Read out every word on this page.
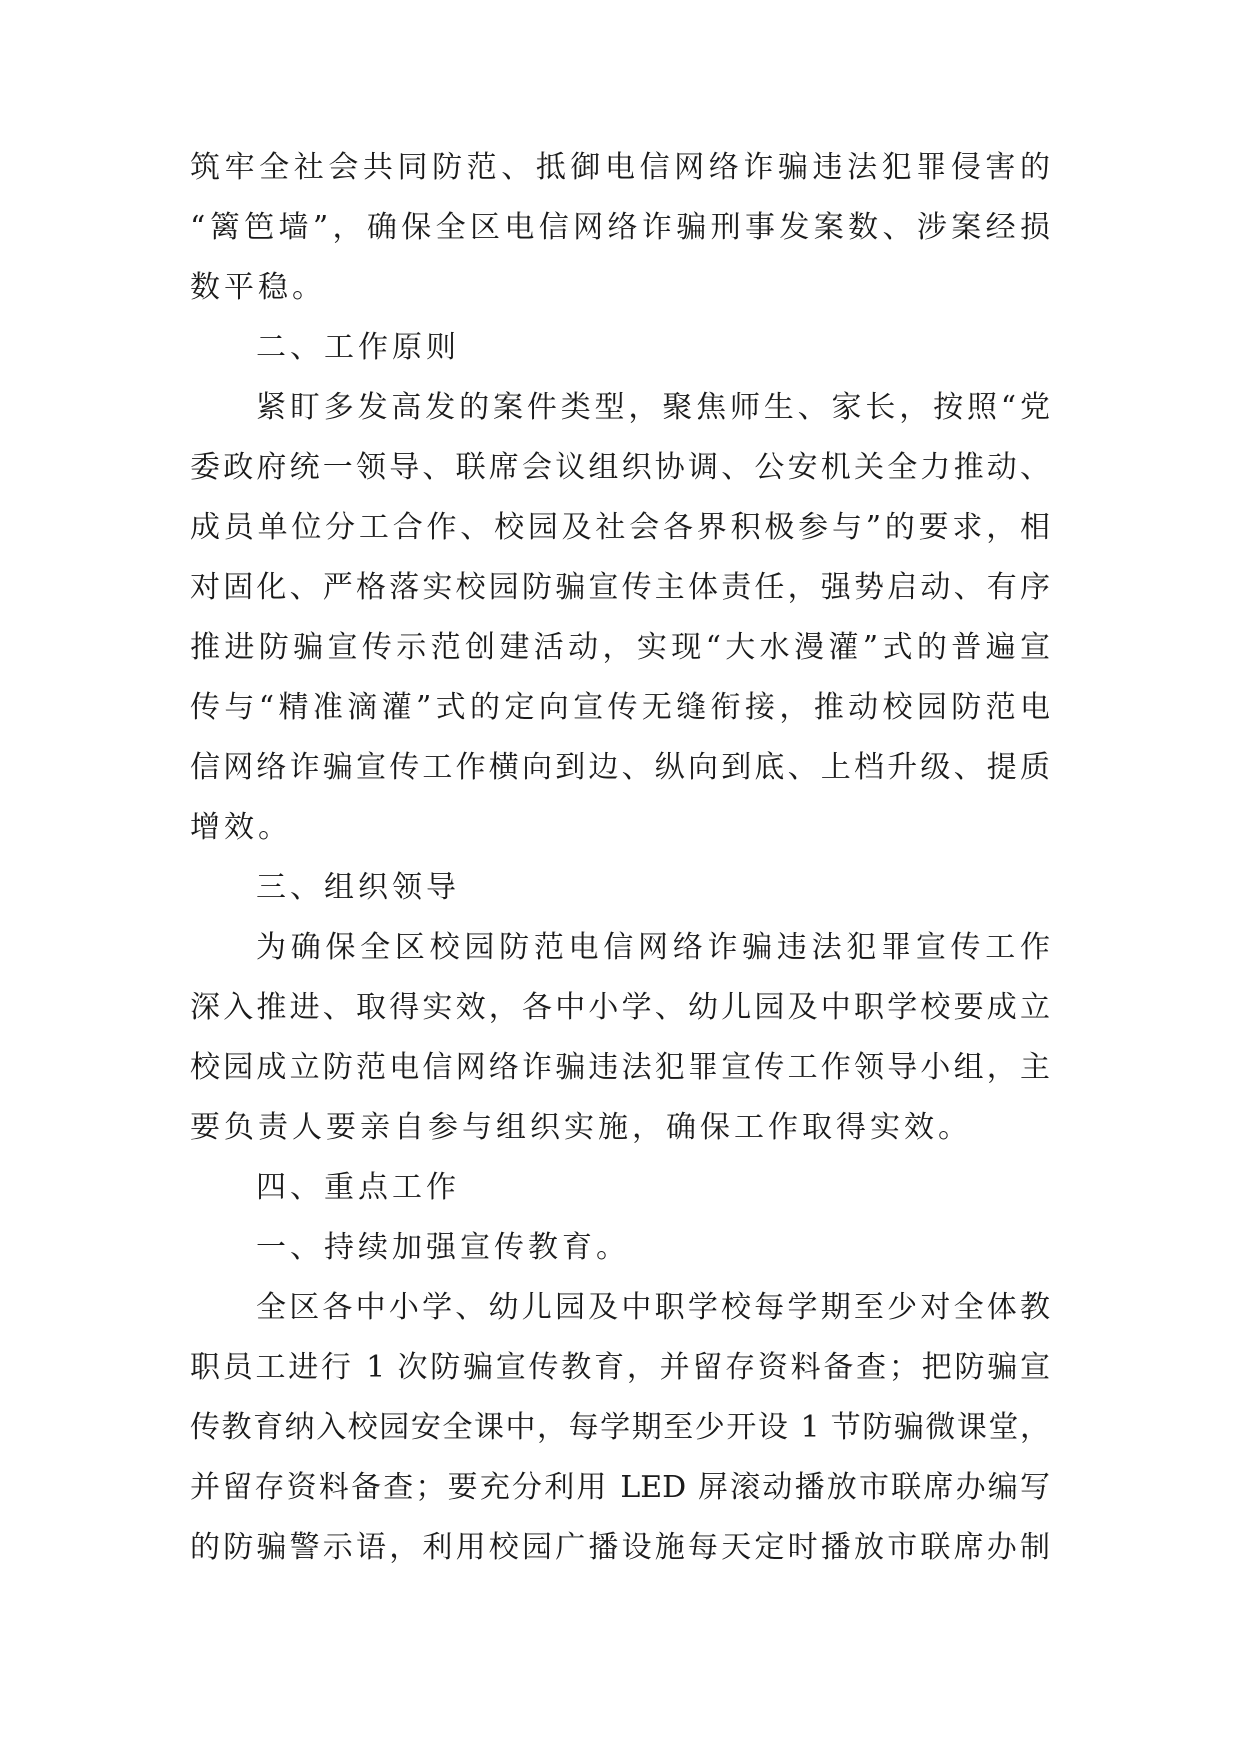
筑牢全社会共同防范、抵御电信网络诈骗违法犯罪侵害的
“篱笆墙”，确保全区电信网络诈骗刑事发案数、涉案经损
数平稳。
二、工作原则
紧盯多发高发的案件类型，聚焦师生、家长，按照“党
委政府统一领导、联席会议组织协调、公安机关全力推动、
成员单位分工合作、校园及社会各界积极参与”的要求，相
对固化、严格落实校园防骗宣传主体责任，强势启动、有序
推进防骗宣传示范创建活动，实现“大水漫灌”式的普遍宣
传与“精准滴灌”式的定向宣传无缝衔接，推动校园防范电
信网络诈骗宣传工作横向到边、纵向到底、上档升级、提质
增效。
三、组织领导
为确保全区校园防范电信网络诈骗违法犯罪宣传工作
深入推进、取得实效，各中小学、幼儿园及中职学校要成立
校园成立防范电信网络诈骗违法犯罪宣传工作领导小组，主
要负责人要亲自参与组织实施，确保工作取得实效。
四、重点工作
一、持续加强宣传教育。
全区各中小学、幼儿园及中职学校每学期至少对全体教
职员工进行 1 次防骗宣传教育，并留存资料备查；把防骗宣
传教育纳入校园安全课中，每学期至少开设 1 节防骗微课堂，
并留存资料备查；要充分利用 LED 屏滚动播放市联席办编写
的防骗警示语，利用校园广播设施每天定时播放市联席办制
